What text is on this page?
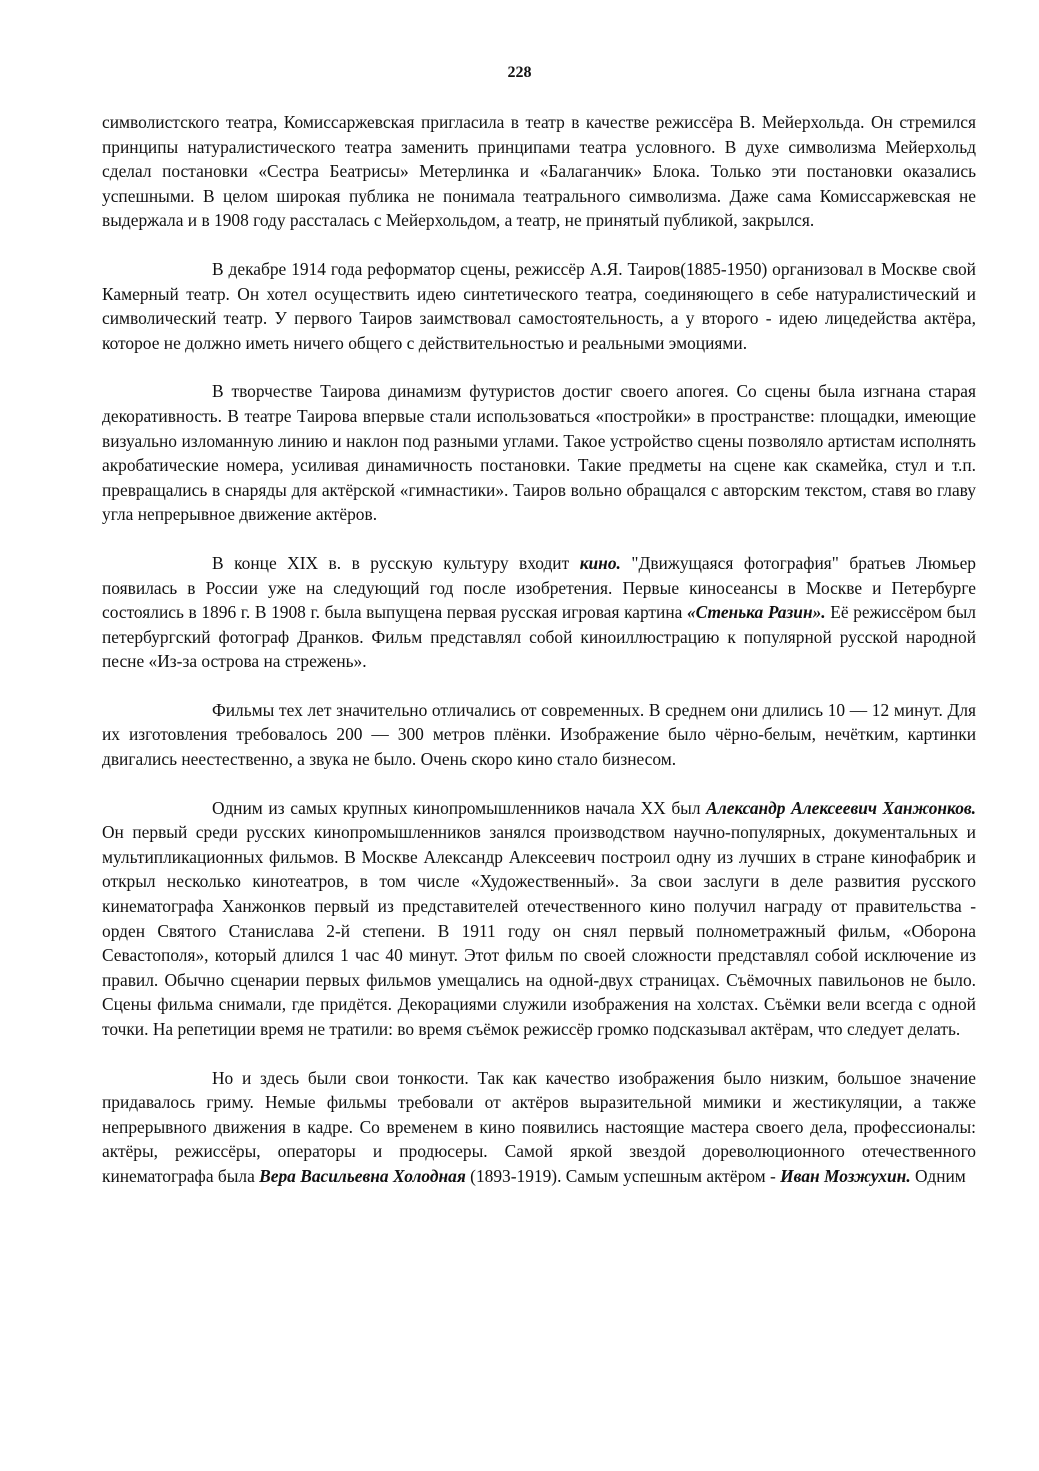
228

символистского театра, Комиссаржевская пригласила в театр в качестве режиссёра В. Мейерхольда. Он стремился принципы натуралистического театра заменить принципами театра условного. В духе символизма Мейерхольд сделал постановки «Сестра Беатрисы» Метерлинка и «Балаганчик» Блока. Только эти постановки оказались успешными. В целом широкая публика не понимала театрального символизма. Даже сама Комиссаржевская не выдержала и в 1908 году рассталась с Мейерхольдом, а театр, не принятый публикой, закрылся.

В декабре 1914 года реформатор сцены, режиссёр А.Я. Таиров(1885-1950) организовал в Москве свой Камерный театр. Он хотел осуществить идею синтетического театра, соединяющего в себе натуралистический и символический театр. У первого Таиров заимствовал самостоятельность, а у второго - идею лицедейства актёра, которое не должно иметь ничего общего с действительностью и реальными эмоциями.

В творчестве Таирова динамизм футуристов достиг своего апогея. Со сцены была изгнана старая декоративность. В театре Таирова впервые стали использоваться «постройки» в пространстве: площадки, имеющие визуально изломанную линию и наклон под разными углами. Такое устройство сцены позволяло артистам исполнять акробатические номера, усиливая динамичность постановки. Такие предметы на сцене как скамейка, стул и т.п. превращались в снаряды для актёрской «гимнастики». Таиров вольно обращался с авторским текстом, ставя во главу угла непрерывное движение актёров.

В конце XIX в. в русскую культуру входит кино. "Движущаяся фотография" братьев Люмьер появилась в России уже на следующий год после изобретения. Первые киносеансы в Москве и Петербурге состоялись в 1896 г. В 1908 г. была выпущена первая русская игровая картина «Стенька Разин». Её режиссёром был петербургский фотограф Дранков. Фильм представлял собой киноиллюстрацию к популярной русской народной песне «Из-за острова на стрежень».

Фильмы тех лет значительно отличались от современных. В среднем они длились 10 — 12 минут. Для их изготовления требовалось 200 — 300 метров плёнки. Изображение было чёрно-белым, нечётким, картинки двигались неестественно, а звука не было. Очень скоро кино стало бизнесом.

Одним из самых крупных кинопромышленников начала XX был Александр Алексеевич Ханжонков. Он первый среди русских кинопромышленников занялся производством научно-популярных, документальных и мультипликационных фильмов. В Москве Александр Алексеевич построил одну из лучших в стране кинофабрик и открыл несколько кинотеатров, в том числе «Художественный». За свои заслуги в деле развития русского кинематографа Ханжонков первый из представителей отечественного кино получил награду от правительства - орден Святого Станислава 2-й степени. В 1911 году он снял первый полнометражный фильм, «Оборона Севастополя», который длился 1 час 40 минут. Этот фильм по своей сложности представлял собой исключение из правил. Обычно сценарии первых фильмов умещались на одной-двух страницах. Съёмочных павильонов не было. Сцены фильма снимали, где придётся. Декорациями служили изображения на холстах. Съёмки вели всегда с одной точки. На репетиции время не тратили: во время съёмок режиссёр громко подсказывал актёрам, что следует делать.

Но и здесь были свои тонкости. Так как качество изображения было низким, большое значение придавалось гриму. Немые фильмы требовали от актёров выразительной мимики и жестикуляции, а также непрерывного движения в кадре. Со временем в кино появились настоящие мастера своего дела, профессионалы: актёры, режиссёры, операторы и продюсеры. Самой яркой звездой дореволюционного отечественного кинематографа была Вера Васильевна Холодная (1893-1919). Самым успешным актёром - Иван Мозжухин. Одним
